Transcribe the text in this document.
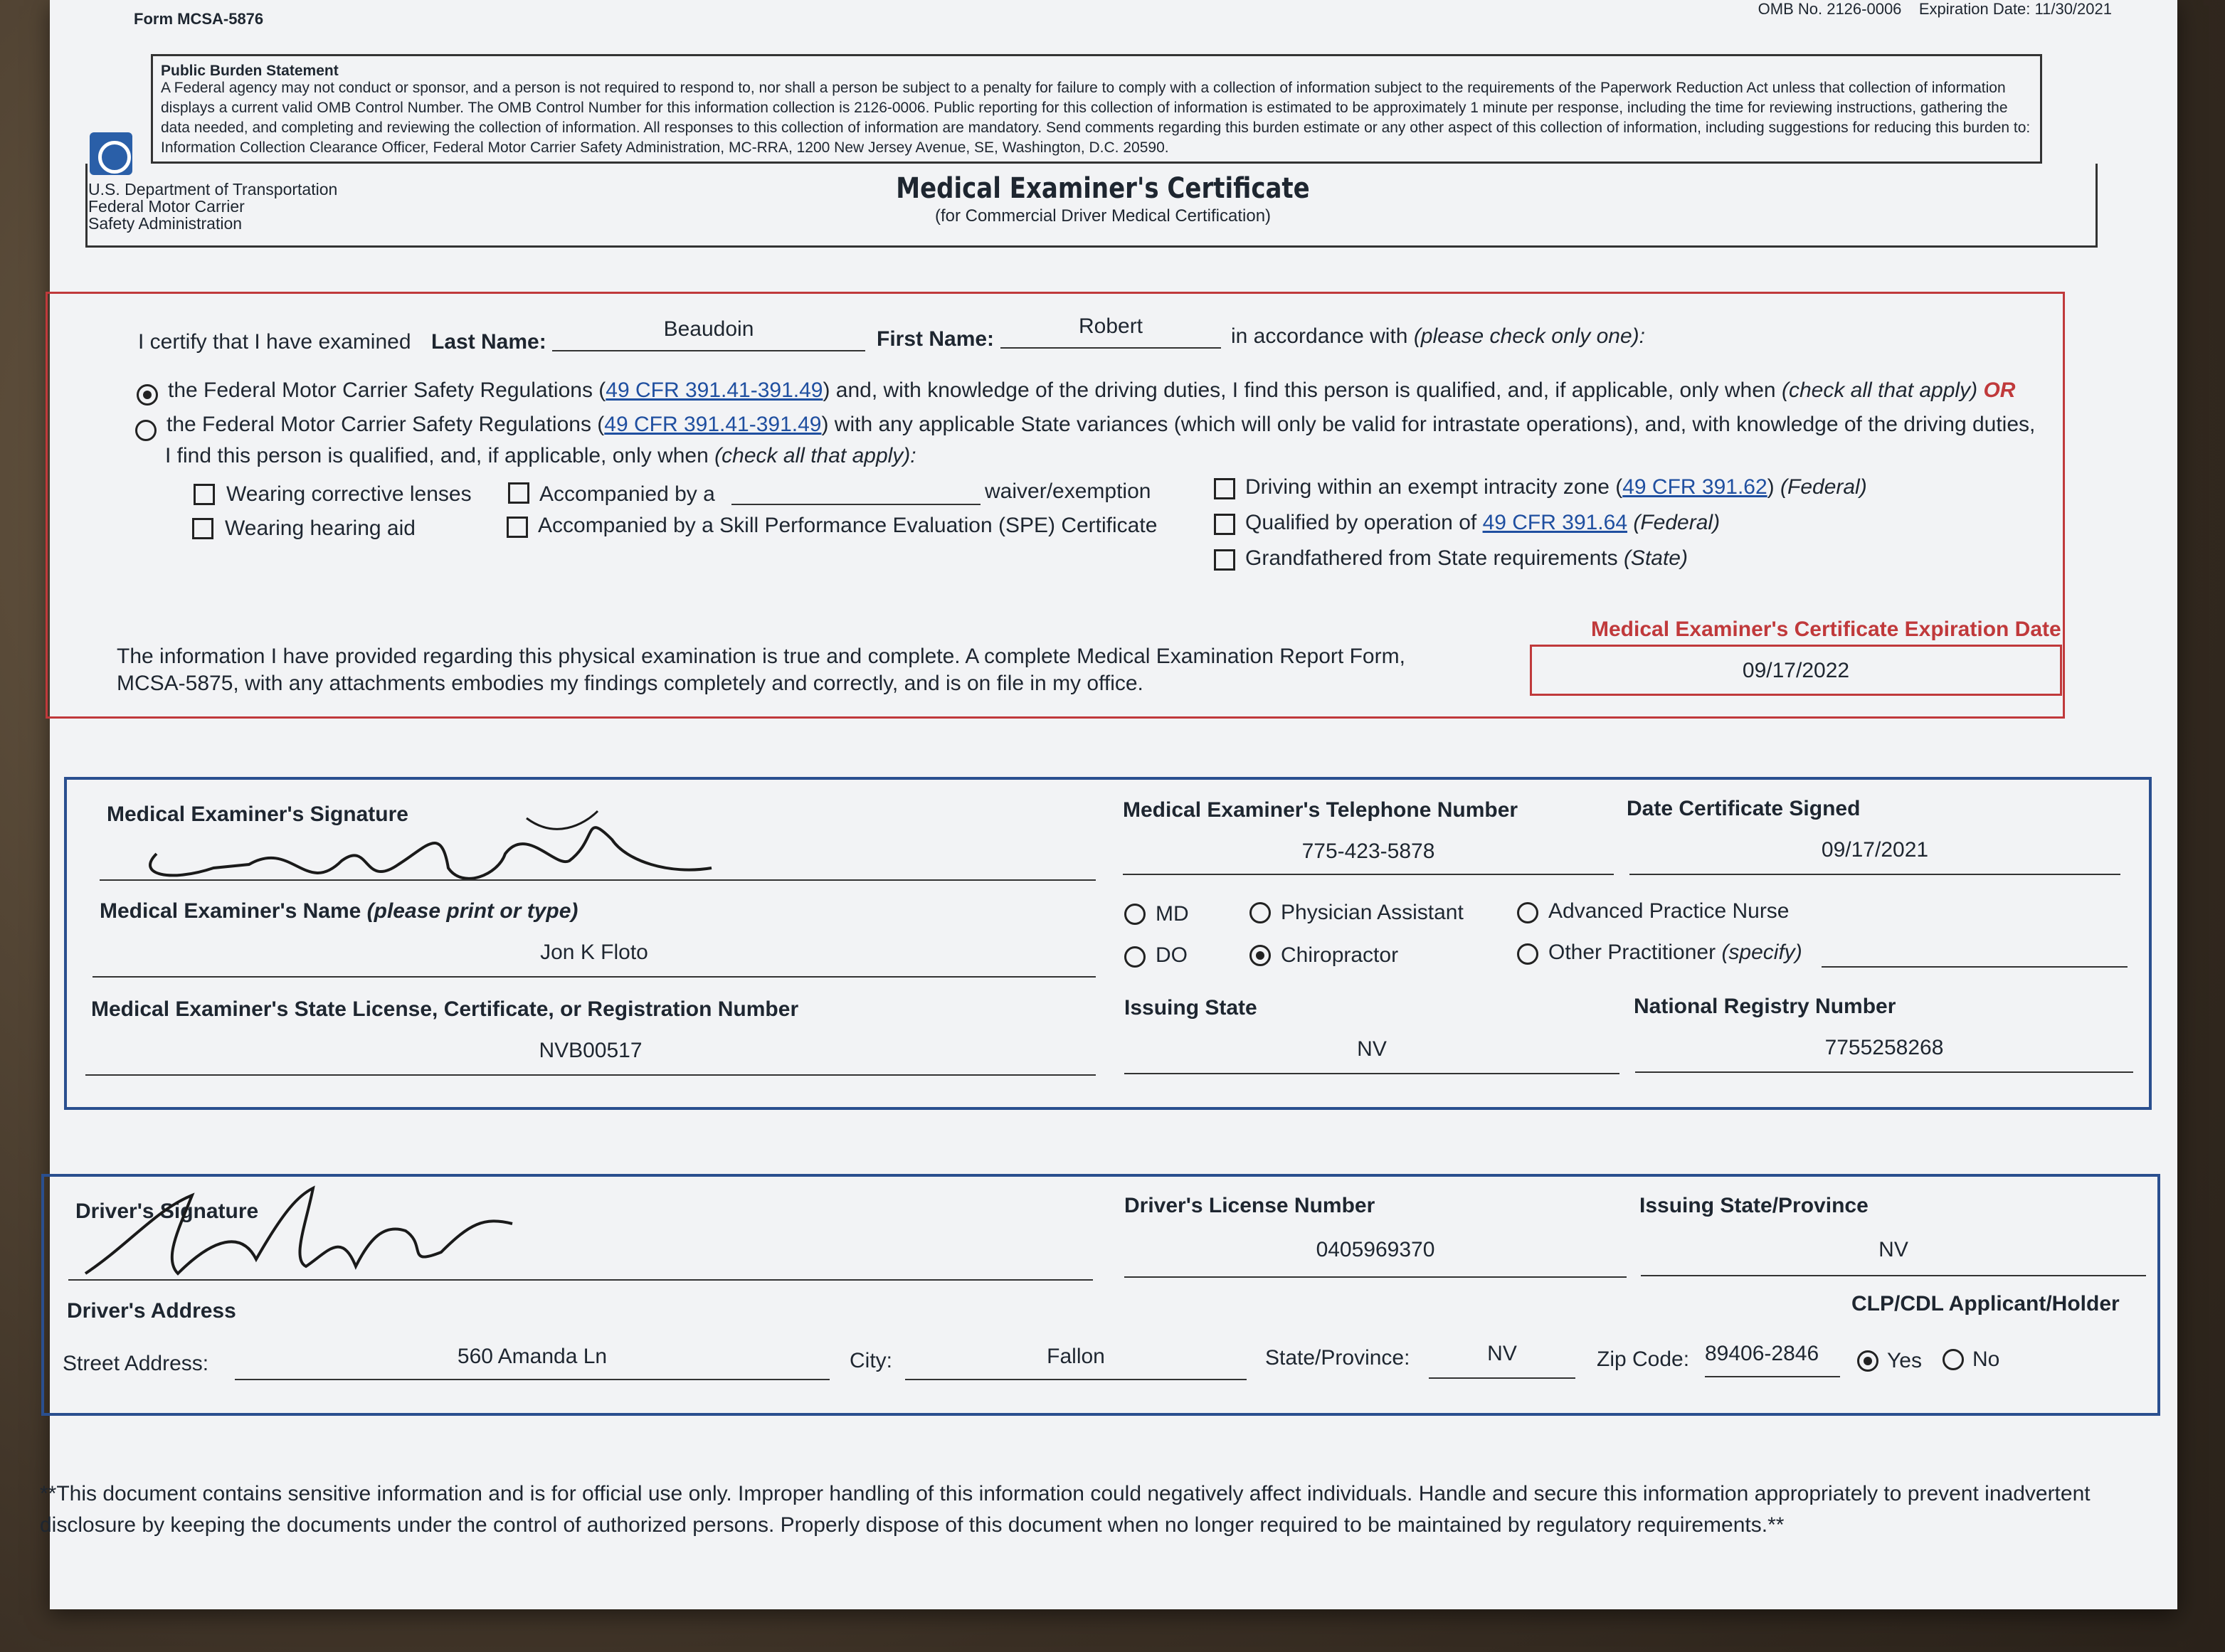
Form MCSA-5876
OMB No. 2126-0006 Expiration Date: 11/30/2021
Public Burden Statement
A Federal agency may not conduct or sponsor, and a person is not required to respond to, nor shall a person be subject to a penalty for failure to comply with a collection of information subject to the requirements of the Paperwork Reduction Act unless that collection of information displays a current valid OMB Control Number. The OMB Control Number for this information collection is 2126-0006. Public reporting for this collection of information is estimated to be approximately 1 minute per response, including the time for reviewing instructions, gathering the data needed, and completing and reviewing the collection of information. All responses to this collection of information are mandatory. Send comments regarding this burden estimate or any other aspect of this collection of information, including suggestions for reducing this burden to: Information Collection Clearance Officer, Federal Motor Carrier Safety Administration, MC-RRA, 1200 New Jersey Avenue, SE, Washington, D.C. 20590.
U.S. Department of Transportation
Federal Motor Carrier
Safety Administration
Medical Examiner's Certificate
(for Commercial Driver Medical Certification)
I certify that I have examined Last Name:
Beaudoin	First Name:
Robert	in accordance with (please check only one):
the Federal Motor Carrier Safety Regulations (49 CFR 391.41-391.49) and, with knowledge of the driving duties, I find this person is qualified, and, if applicable, only when (check all that apply) OR
the Federal Motor Carrier Safety Regulations (49 CFR 391.41-391.49) with any applicable State variances (which will only be valid for intrastate operations), and, with knowledge of the driving duties,
I find this person is qualified, and, if applicable, only when (check all that apply):
Wearing corrective lenses
Wearing hearing aid
Accompanied by a	waiver/exemption
Accompanied by a Skill Performance Evaluation (SPE) Certificate
Driving within an exempt intracity zone (49 CFR 391.62) (Federal)
Qualified by operation of 49 CFR 391.64 (Federal)
Grandfathered from State requirements (State)
The information I have provided regarding this physical examination is true and complete. A complete Medical Examination Report Form,
MCSA-5875, with any attachments embodies my findings completely and correctly, and is on file in my office.
Medical Examiner's Certificate Expiration Date
09/17/2022
Medical Examiner's Signature	Medical Examiner's Telephone Number
775-423-5878
Date Certificate Signed
09/17/2021
Medical Examiner's Name (please print or type)
Jon K Floto
MD
DO
Physician Assistant
Chiropractor
Advanced Practice Nurse
Other Practitioner (specify)
Medical Examiner's State License, Certificate, or Registration Number
NVB00517
Issuing State
NV
National Registry Number
7755258268
Driver's Signature	Driver's License Number
0405969370
Issuing State/Province
NV
Driver's Address	CLP/CDL Applicant/Holder
Street Address:	560 Amanda Ln	City:	Fallon	State/Province:	NV	Zip Code: 89406-2846	Yes No
**This document contains sensitive information and is for official use only. Improper handling of this information could negatively affect individuals. Handle and secure this information appropriately to prevent inadvertent disclosure by keeping the documents under the control of authorized persons. Properly dispose of this document when no longer required to be maintained by regulatory requirements.**
